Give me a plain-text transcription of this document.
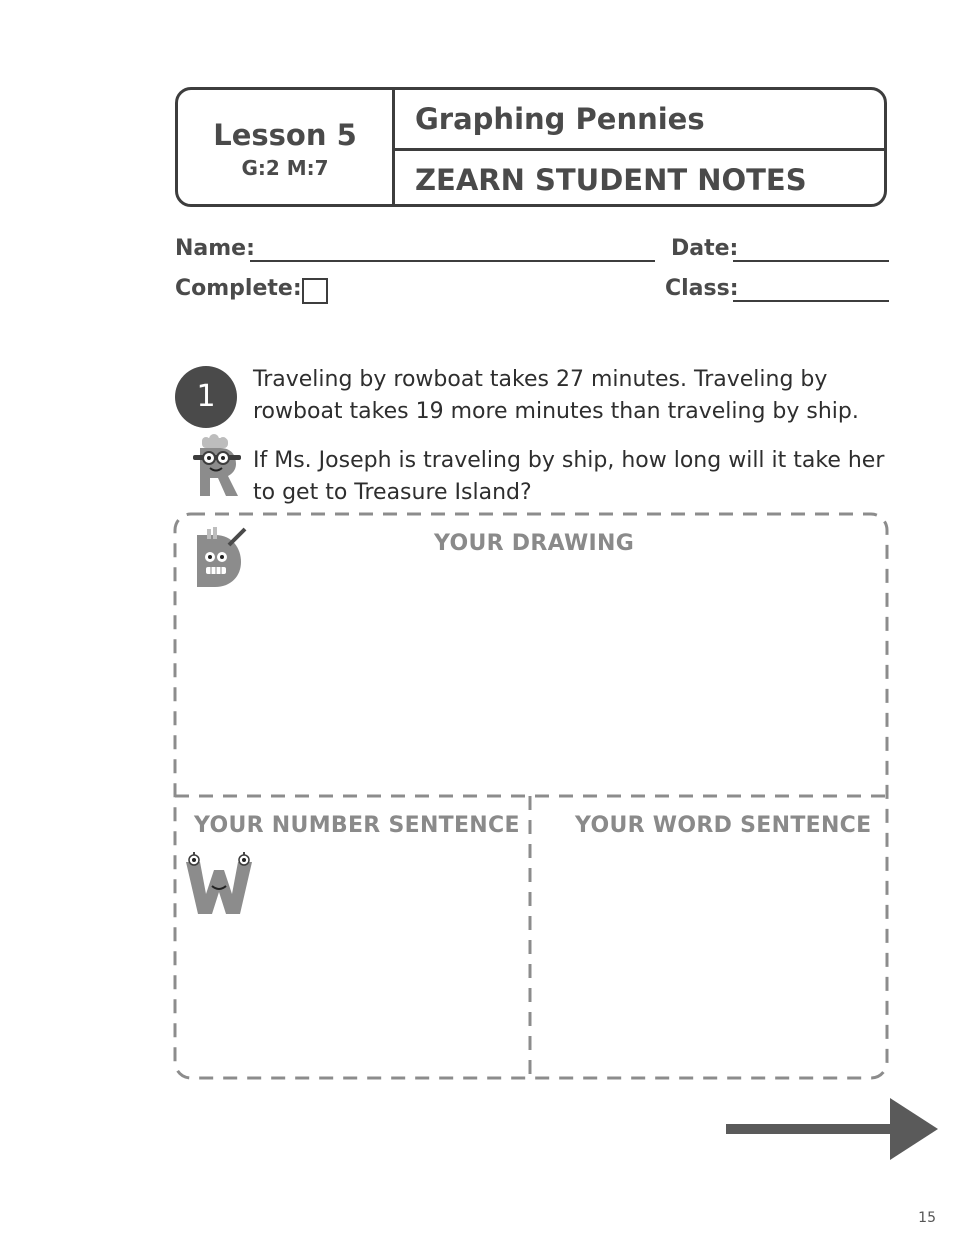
Lesson 5
G:2 M:7
Graphing Pennies
ZEARN STUDENT NOTES
Name:	Date:
Complete:	Class:
1	Traveling by rowboat takes 27 minutes. Traveling by
rowboat takes 19 more minutes than traveling by ship.
If Ms. Joseph is traveling by ship, how long will it take her
to get to Treasure Island?
YOUR DRAWING
YOUR NUMBER SENTENCE	YOUR WORD SENTENCE
15
